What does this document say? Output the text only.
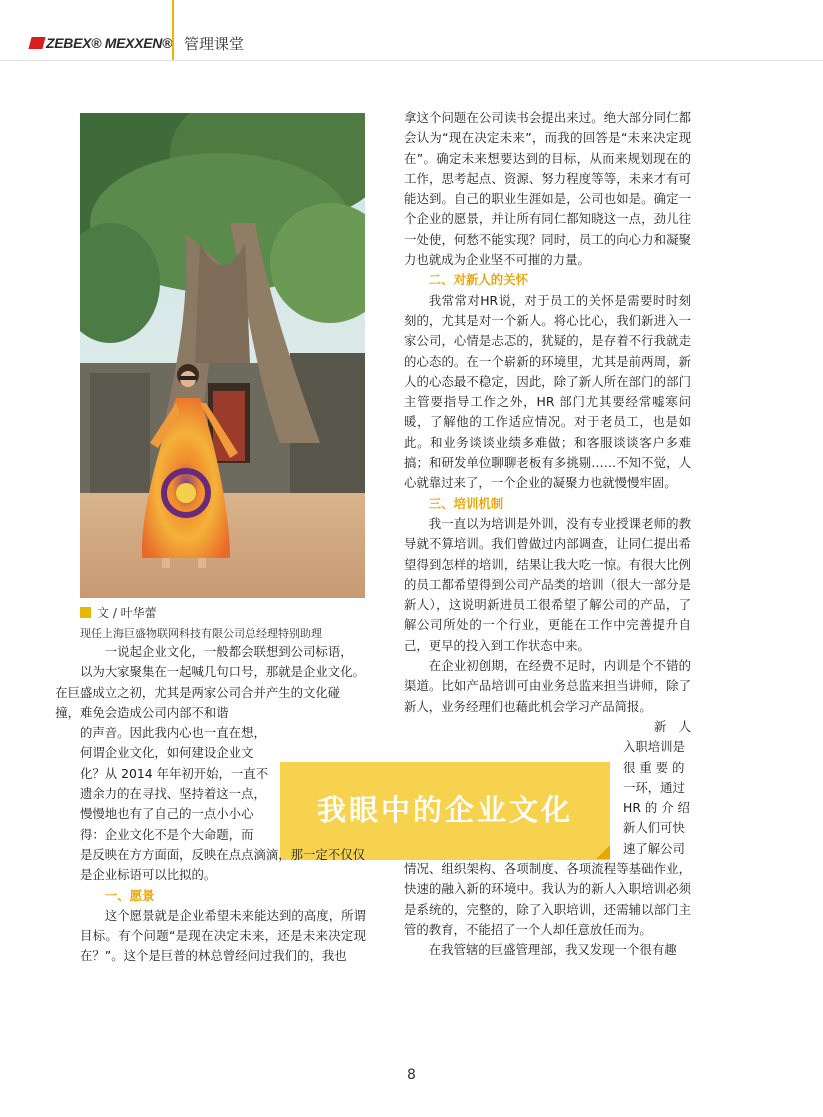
ZEBEX® MEXXEN® 管理课堂
文 / 叶华蕾
现任上海巨盛物联网科技有限公司总经理特别助理
我眼中的企业文化

一说起企业文化，一般都会联想到公司标语，
以为大家聚集在一起喊几句口号，那就是企业文化。
在巨盛成立之初，尤其是两家公司合并产生的文化碰
撞，难免会造成公司内部不和谐

的声音。因此我内心也一直在想，
何谓企业文化，如何建设企业文
化？从 2014 年年初开始，一直不
遗余力的在寻找、坚持着这一点，
慢慢地也有了自己的一点小小心
得：企业文化不是个大命题，而
是反映在方方面面，反映在点点滴滴，那一定不仅仅
是企业标语可以比拟的。

一、愿景

这个愿景就是企业希望未来能达到的高度，所谓目标。有个问题“是现在决定未来，还是未来决定现在？”。这个是巨普的林总曾经问过我们的，我也

拿这个问题在公司读书会提出来过。绝大部分同仁都会认为“现在决定未来”，而我的回答是“未来决定现在”。确定未来想要达到的目标，从而来规划现在的工作，思考起点、资源、努力程度等等，未来才有可能达到。自己的职业生涯如是，公司也如是。确定一个企业的愿景，并让所有同仁都知晓这一点，劲儿往一处使，何愁不能实现？同时，员工的向心力和凝聚力也就成为企业坚不可摧的力量。

二、对新人的关怀

我常常对HR说，对于员工的关怀是需要时时刻刻的，尤其是对一个新人。将心比心，我们新进入一家公司，心情是忐忑的，犹疑的，是存着不行我就走的心态的。在一个崭新的环境里，尤其是前两周，新人的心态最不稳定，因此，除了新人所在部门的部门主管要指导工作之外，HR 部门尤其要经常嘘寒问暖，了解他的工作适应情况。对于老员工，也是如此。和业务谈谈业绩多难做；和客服谈谈客户多难搞；和研发单位聊聊老板有多挑剔……不知不觉，人心就靠过来了，一个企业的凝聚力也就慢慢牢固。

三、培训机制

我一直以为培训是外训，没有专业授课老师的教导就不算培训。我们曾做过内部调查，让同仁提出希望得到怎样的培训，结果让我大吃一惊。有很大比例的员工都希望得到公司产品类的培训（很大一部分是新人），这说明新进员工很希望了解公司的产品，了解公司所处的一个行业，更能在工作中完善提升自己，更早的投入到工作状态中来。

在企业初创期，在经费不足时，内训是个不错的渠道。比如产品培训可由业务总监来担当讲师，除了新人，业务经理们也藉此机会学习产品简报。

新　人
入职培训是
很 重 要 的
一环，通过
HR 的 介 绍
新人们可快
速了解公司

情况、组织架构、各项制度、各项流程等基础作业，快速的融入新的环境中。我认为的新人入职培训必须是系统的，完整的，除了入职培训，还需辅以部门主管的教育，不能招了一个人却任意放任而为。

在我管辖的巨盛管理部，我又发现一个很有趣

8
